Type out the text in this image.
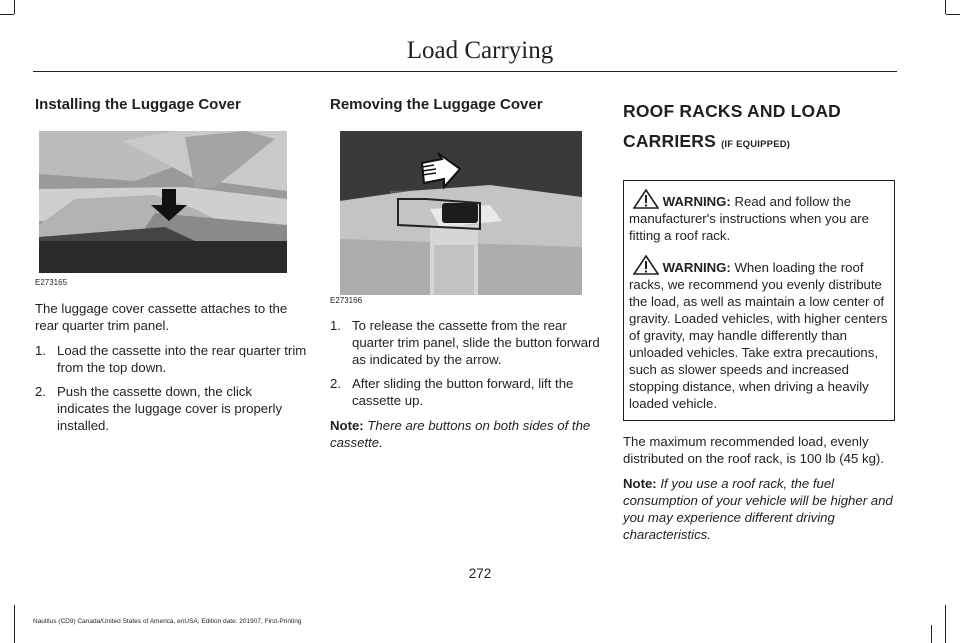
Load Carrying
Installing the Luggage Cover
E273165

The luggage cover cassette attaches to the rear quarter trim panel.

1. Load the cassette into the rear quarter trim from the top down.
2. Push the cassette down, the click indicates the luggage cover is properly installed.
Removing the Luggage Cover
E273166
1. To release the cassette from the rear quarter trim panel, slide the button forward as indicated by the arrow.
2. After sliding the button forward, lift the cassette up.

Note: There are buttons on both sides of the cassette.

ROOF RACKS AND LOAD
CARRIERS (IF EQUIPPED)
WARNING: Read and follow the manufacturer's instructions when you are fitting a roof rack.
WARNING: When loading the roof racks, we recommend you evenly distribute the load, as well as maintain a low center of gravity. Loaded vehicles, with higher centers of gravity, may handle differently than unloaded vehicles. Take extra precautions, such as slower speeds and increased stopping distance, when driving a heavily loaded vehicle.

The maximum recommended load, evenly distributed on the roof rack, is 100 lb (45 kg).

Note: If you use a roof rack, the fuel consumption of your vehicle will be higher and you may experience different driving characteristics.

272
Nautilus (CD9) Canada/United States of America, enUSA, Edition date: 201907, First-Printing
